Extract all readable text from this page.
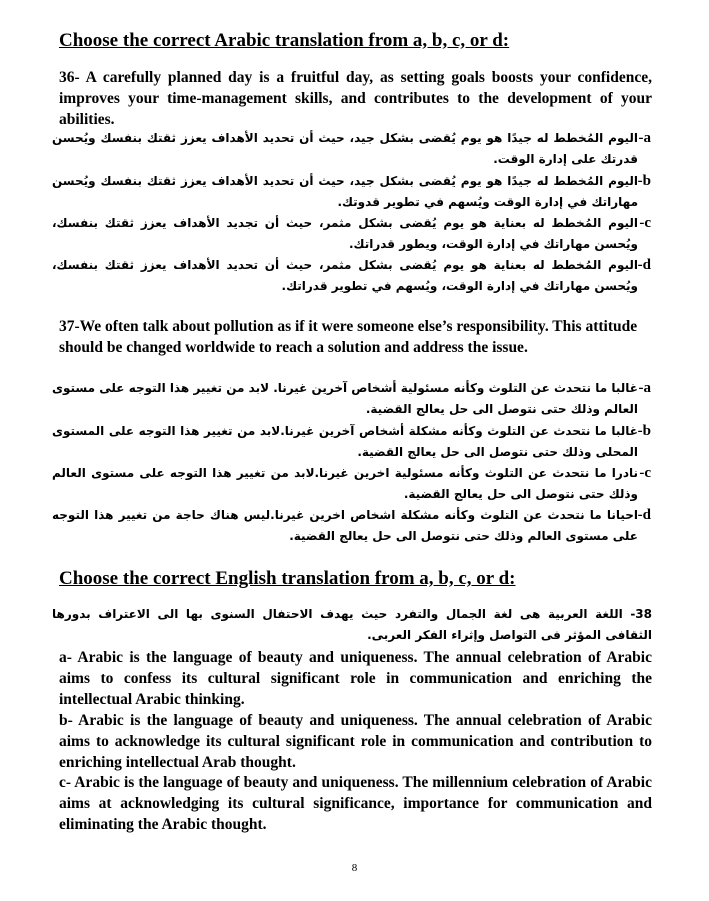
Choose the correct Arabic translation from a, b, c, or d:
36- A carefully planned day is a fruitful day, as setting goals boosts your confidence, improves your time-management skills, and contributes to the development of your abilities.
-a
اليوم المُخطط له جيدًا هو يوم يُقضى بشكل جيد، حيث أن تحديد الأهداف يعزز ثقتك بنفسك ويُحسن قدرتك على إدارة الوقت.
-b
اليوم المُخطط له جيدًا هو يوم يُقضى بشكل جيد، حيث أن تحديد الأهداف يعزز ثقتك بنفسك ويُحسن مهاراتك في إدارة الوقت ويُسهم في تطوير قدوتك.
-c
اليوم المُخطط له بعناية هو يوم يُقضى بشكل مثمر، حيث أن تجديد الأهداف يعزز ثقتك بنفسك، ويُحسن مهاراتك في إدارة الوقت، ويطور قدراتك.
-d
اليوم المُخطط له بعناية هو يوم يُقضى بشكل مثمر، حيث أن تحديد الأهداف يعزز ثقتك بنفسك، ويُحسن مهاراتك في إدارة الوقت، ويُسهم في تطوير قدراتك.
37-We often talk about pollution as if it were someone else’s responsibility. This attitude should be changed worldwide to reach a solution and address the issue.
-a
غالبا ما نتحدث عن التلوث وكأنه مسئولية أشخاص آخرين غيرنا. لابد من تغيير هذا التوجه على مستوى العالم وذلك حتى نتوصل الى حل يعالج القضية.
-b
غالبا ما نتحدث عن التلوث وكأنه مشكلة أشخاص آخرين غيرنا.لابد من تغيير هذا التوجه على المستوى المحلى وذلك حتى نتوصل الى حل يعالج القضية.
-c
نادرا ما نتحدث عن التلوث وكأنه مسئولية اخرين غيرنا.لابد من تغيير هذا التوجه على مستوى العالم وذلك حتى نتوصل الى حل يعالج القضية.
-d
احيانا ما نتحدث عن التلوث وكأنه مشكلة اشخاص اخرين غيرنا.ليس هناك حاجة من تغيير هذا التوجه على مستوى العالم وذلك حتى نتوصل الى حل يعالج القضية.
Choose the correct English translation from a, b, c, or d:
38- اللغة العربية هى لغة الجمال والتفرد حيث يهدف الاحتفال السنوى بها الى الاعتراف بدورها الثقافى المؤثر فى التواصل وإثراء الفكر العربى.
a- Arabic is the language of beauty and uniqueness. The annual celebration of Arabic aims to confess its cultural significant role in communication and enriching the intellectual Arabic thinking.
b- Arabic is the language of beauty and uniqueness. The annual celebration of Arabic aims to acknowledge its cultural significant role in communication and contribution to enriching intellectual Arab thought.
c- Arabic is the language of beauty and uniqueness. The millennium celebration of Arabic aims at acknowledging its cultural significance, importance for communication and eliminating the Arabic thought.
8
